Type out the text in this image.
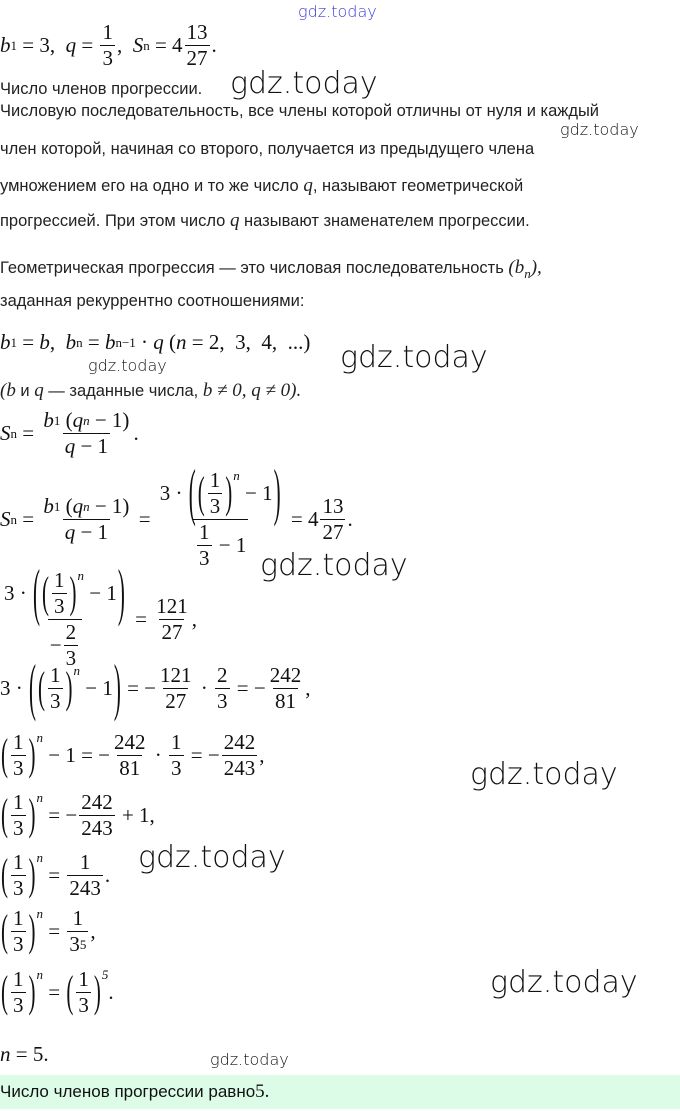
gdz.today
b 1 = 3, $q = \frac{1}{3}$ , S $n = 4 \frac{13}{27}$ .
Число членов прогрессии. gdz.today
Числовую последовательность, все члены которой отличны от нуля и каждый
gdz.today
член которой, начиная со второго, получается из предыдущего члена
умножением его на одно и то же число q, называют геометрической
прогрессией. При этом число q называют знаменателем прогрессии.
Геометрическая прогрессия — это числовая последовательность $(b_n)$,
заданная рекуррентно соотношениями:
b 1 = b , b n = b n−1 · q ( n = 2,  3,  4,  ...) gdz.today
gdz.today
(b и q — заданные числа, b ≠ 0, q ≠ 0).
S $n = \frac{\text{b 1 ( q n − 1)}}{q - 1}$ .
S $n = \frac{\text{b 1 ( q n − 1)}}{q - 1} = 3$ · ( ( $\frac{1}{3}$ ) n
− 1 )
$\frac{1}{3} - 1 = 4 \frac{13}{27}$ .
gdz.today
3 · ( ( $\frac{1}{3}$ ) n
− 1 )
− $\frac{2}{3} = \frac{121}{27}$ ,
3 · ( ( $\frac{1}{3}$ ) n
− 1 ) = − $\frac{121}{27} \cdot \frac{2}{3}$ = − $\frac{242}{81}$ ,
( $\frac{1}{3}$ ) n
− 1 = − $\frac{242}{81} \cdot \frac{1}{3}$ = − $\frac{242}{243}$ ,
gdz.today
( $\frac{1}{3}$ ) n
= − $\frac{242}{243} + 1$,
( $\frac{1}{3}$ ) n
= $\frac{1}{243}$ . gdz.today
( $\frac{1}{3}$ ) n
= $\frac{1}{3 5}$ ,
( $\frac{1}{3}$ ) n
= ( $\frac{1}{3}$ ) 5
.	gdz.today
n = 5.	gdz.today
Число членов прогрессии равно 5.
